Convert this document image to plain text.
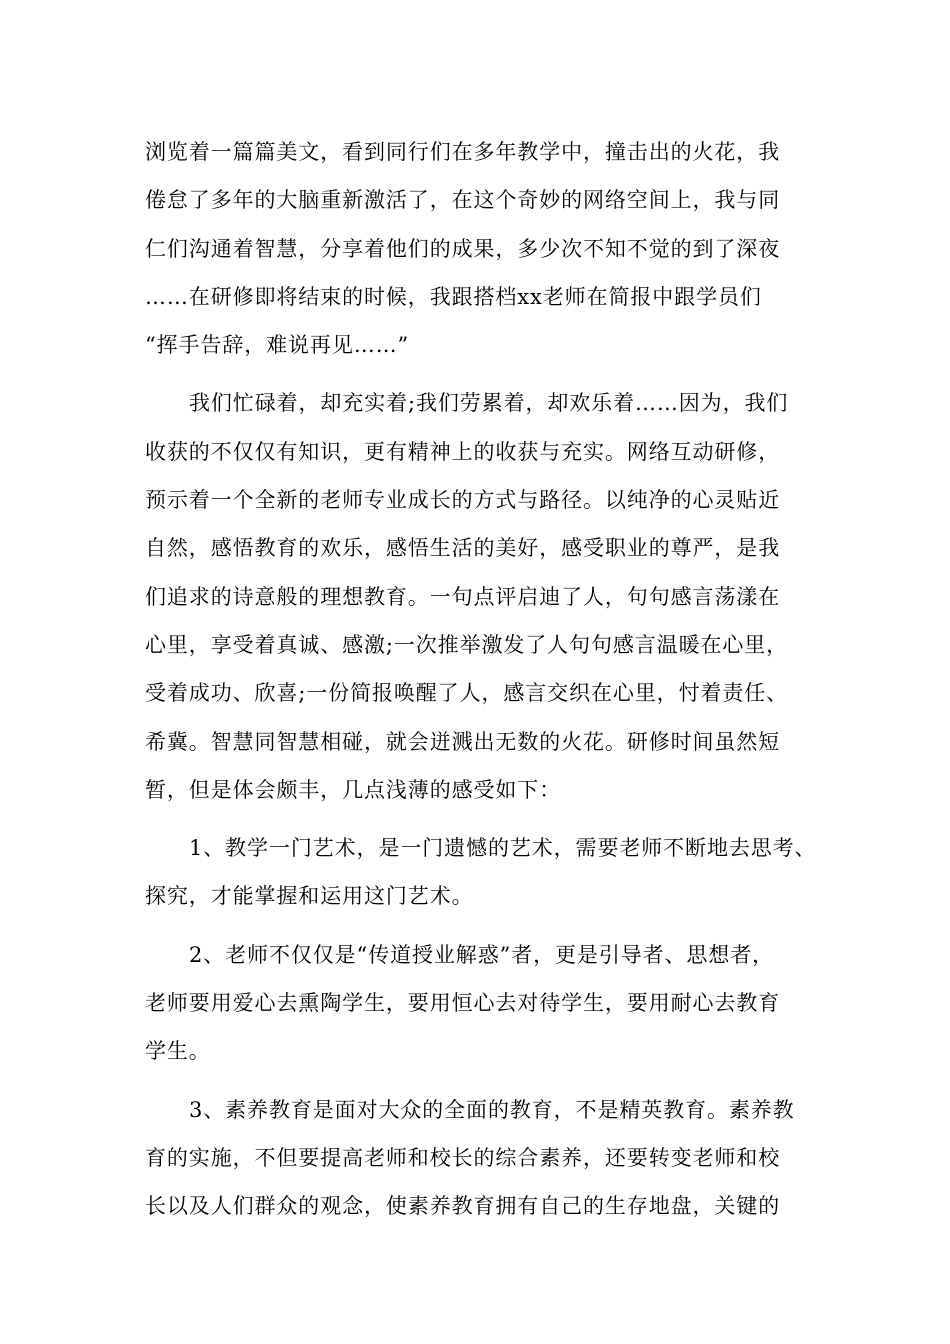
浏览着一篇篇美文，看到同行们在多年教学中，撞击出的火花，我
倦怠了多年的大脑重新激活了，在这个奇妙的网络空间上，我与同
仁们沟通着智慧，分享着他们的成果，多少次不知不觉的到了深夜
……在研修即将结束的时候，我跟搭档xx老师在简报中跟学员们
“挥手告辞，难说再见……”
我们忙碌着，却充实着;我们劳累着，却欢乐着……因为，我们
收获的不仅仅有知识，更有精神上的收获与充实。网络互动研修，
预示着一个全新的老师专业成长的方式与路径。以纯净的心灵贴近
自然，感悟教育的欢乐，感悟生活的美好，感受职业的尊严，是我
们追求的诗意般的理想教育。一句点评启迪了人，句句感言荡漾在
心里，享受着真诚、感激;一次推举激发了人句句感言温暖在心里，
受着成功、欣喜;一份简报唤醒了人，感言交织在心里，忖着责任、
希冀。智慧同智慧相碰，就会迸溅出无数的火花。研修时间虽然短
暂，但是体会颇丰，几点浅薄的感受如下：
1、教学一门艺术，是一门遗憾的艺术，需要老师不断地去思考、
探究，才能掌握和运用这门艺术。
2、老师不仅仅是“传道授业解惑”者，更是引导者、思想者，
老师要用爱心去熏陶学生，要用恒心去对待学生，要用耐心去教育
学生。
3、素养教育是面对大众的全面的教育，不是精英教育。素养教
育的实施，不但要提高老师和校长的综合素养，还要转变老师和校
长以及人们群众的观念，使素养教育拥有自己的生存地盘，关键的
